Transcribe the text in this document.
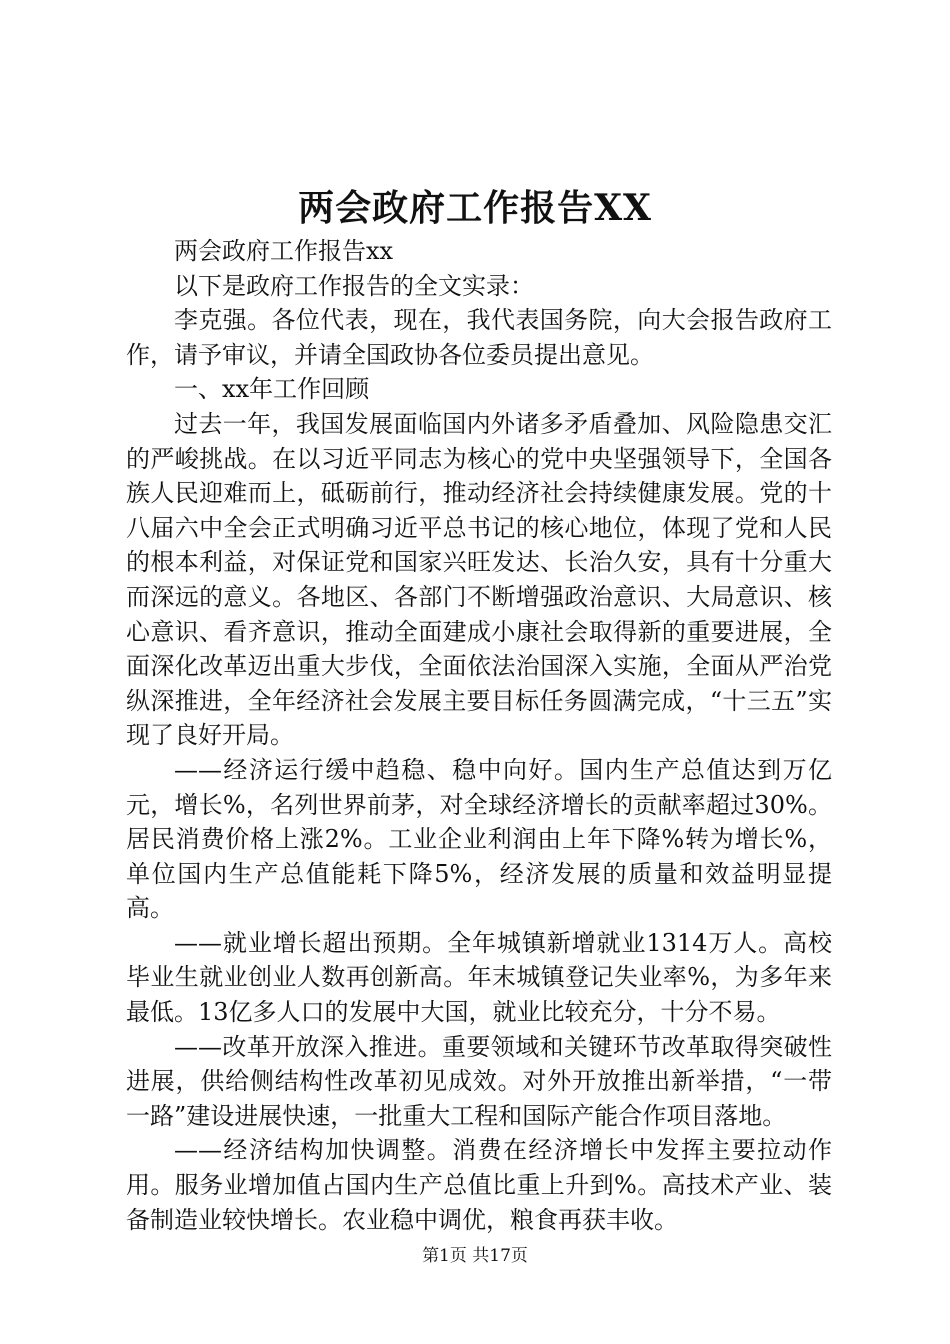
两会政府工作报告XX

两会政府工作报告xx

以下是政府工作报告的全文实录：

李克强。各位代表，现在，我代表国务院，向大会报告政府工作，请予审议，并请全国政协各位委员提出意见。

一、xx年工作回顾

过去一年，我国发展面临国内外诸多矛盾叠加、风险隐患交汇的严峻挑战。在以习近平同志为核心的党中央坚强领导下，全国各族人民迎难而上，砥砺前行，推动经济社会持续健康发展。党的十八届六中全会正式明确习近平总书记的核心地位，体现了党和人民的根本利益，对保证党和国家兴旺发达、长治久安，具有十分重大而深远的意义。各地区、各部门不断增强政治意识、大局意识、核心意识、看齐意识，推动全面建成小康社会取得新的重要进展，全面深化改革迈出重大步伐，全面依法治国深入实施，全面从严治党纵深推进，全年经济社会发展主要目标任务圆满完成，“十三五”实现了良好开局。

——经济运行缓中趋稳、稳中向好。国内生产总值达到万亿元，增长%，名列世界前茅，对全球经济增长的贡献率超过30%。居民消费价格上涨2%。工业企业利润由上年下降%转为增长%，单位国内生产总值能耗下降5%，经济发展的质量和效益明显提高。

——就业增长超出预期。全年城镇新增就业1314万人。高校毕业生就业创业人数再创新高。年末城镇登记失业率%，为多年来最低。13亿多人口的发展中大国，就业比较充分，十分不易。

——改革开放深入推进。重要领域和关键环节改革取得突破性进展，供给侧结构性改革初见成效。对外开放推出新举措，“一带一路”建设进展快速，一批重大工程和国际产能合作项目落地。

——经济结构加快调整。消费在经济增长中发挥主要拉动作用。服务业增加值占国内生产总值比重上升到%。高技术产业、装备制造业较快增长。农业稳中调优，粮食再获丰收。

第1页 共17页
